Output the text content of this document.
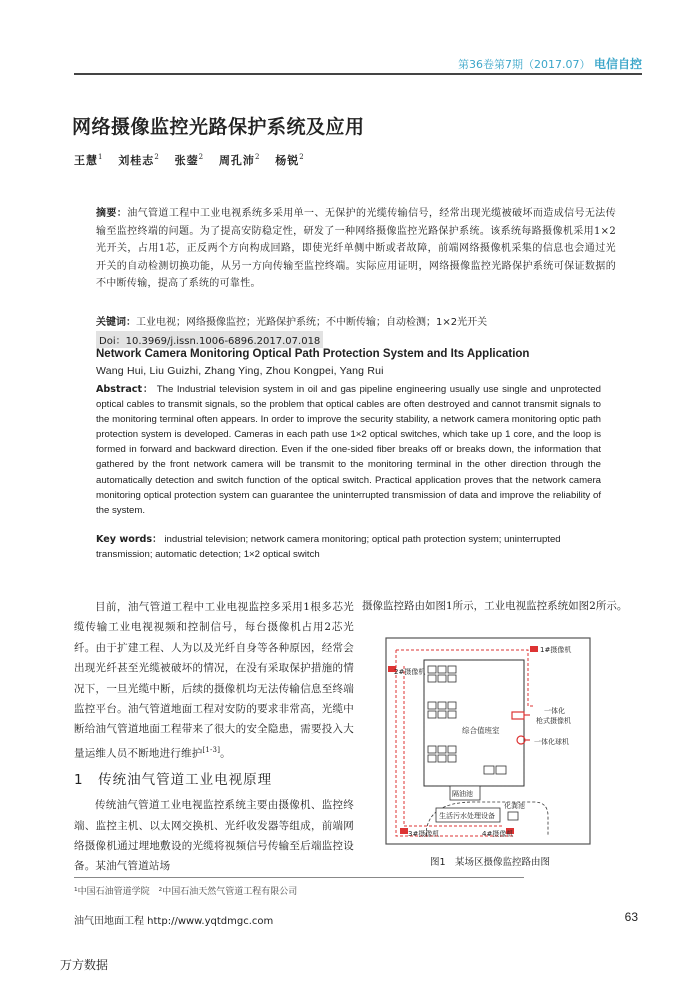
第36卷第7期（2017.07） 电信自控
网络摄像监控光路保护系统及应用
王慧$^1$ 刘桂志$^2$ 张蓥$^2$ 周孔沛$^2$ 杨锐$^2$
摘要：油气管道工程中工业电视系统多采用单一、无保护的光缆传输信号，经常出现光缆被破坏而造成信号无法传输至监控终端的问题。为了提高安防稳定性，研发了一种网络摄像监控光路保护系统。该系统每路摄像机采用1×2光开关，占用1芯，正反两个方向构成回路，即使光纤单侧中断或者故障，前端网络摄像机采集的信息也会通过光开关的自动检测切换功能，从另一方向传输至监控终端。实际应用证明，网络摄像监控光路保护系统可保证数据的不中断传输，提高了系统的可靠性。
关键词：工业电视；网络摄像监控；光路保护系统；不中断传输；自动检测；1×2光开关
Doi：10.3969/j.issn.1006-6896.2017.07.018
Network Camera Monitoring Optical Path Protection System and Its Application
Wang Hui, Liu Guizhi, Zhang Ying, Zhou Kongpei, Yang Rui
Abstract： The Industrial television system in oil and gas pipeline engineering usually use single and unprotected optical cables to transmit signals, so the problem that optical cables are often destroyed and cannot transmit signals to the monitoring terminal often appears. In order to improve the security stability, a network camera monitoring optic path protection system is developed. Cameras in each path use 1×2 optical switches, which take up 1 core, and the loop is formed in forward and backward direction. Even if the one-sided fiber breaks off or breaks down, the information that gathered by the front network camera will be transmit to the monitoring terminal in the other direction through the automatically detection and switch function of the optical switch. Practical application proves that the network camera monitoring optical protection system can guarantee the uninterrupted transmission of data and improve the reliability of the system.
Key words： industrial television; network camera monitoring; optical path protection system; uninterrupted transmission; automatic detection; 1×2 optical switch

目前，油气管道工程中工业电视监控多采用1根多芯光缆传输工业电视视频和控制信号，每台摄像机占用2芯光纤。由于扩建工程、人为以及光纤自身等各种原因，经常会出现光纤甚至光缆被破坏的情况，在没有采取保护措施的情况下，一旦光缆中断，后续的摄像机均无法传输信息至终端监控平台。油气管道地面工程对安防的要求非常高，光缆中断给油气管道地面工程带来了很大的安全隐患，需要投入大量运维人员不断地进行维护[1-3]。

1　传统油气管道工业电视原理

传统油气管道工业电视监控系统主要由摄像机、监控终端、监控主机、以太网交换机、光纤收发器等组成，前端网络摄像机通过埋地敷设的光缆将视频信号传输至后端监控设备。某油气管道站场

摄像监控路由如图1所示，工业电视监控系统如图2所示。

综合值班室
隔油池
生活污水处理设备
化粪池
1#摄像机
2#摄像机
3#摄像机	4#摄像机
一体化 枪式摄像机
一体化球机
图1　某场区摄像监控路由图
¹中国石油管道学院　²中国石油天然气管道工程有限公司
油气田地面工程 http://www.yqtdmgc.com	63
万方数据
